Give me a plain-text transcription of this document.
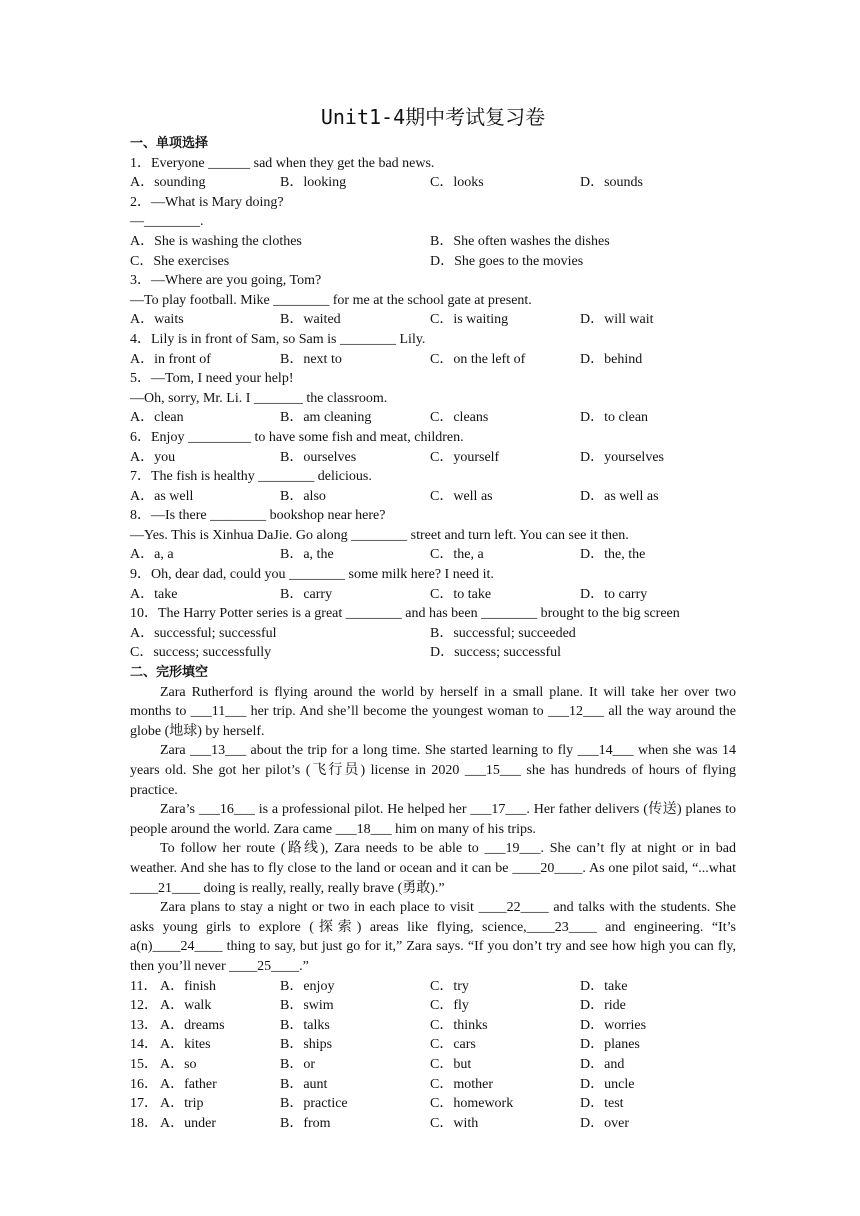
Unit1-4期中考试复习卷
一、单项选择
1．Everyone ______ sad when they get the bad news.
A．sounding	B．looking	C．looks	D．sounds
2．—What is Mary doing?
—________.
A．She is washing the clothes	B．She often washes the dishes
C．She exercises	D．She goes to the movies
3．—Where are you going, Tom?
—To play football. Mike ________ for me at the school gate at present.
A．waits	B．waited	C．is waiting	D．will wait
4．Lily is in front of Sam, so Sam is ________ Lily.
A．in front of	B．next to	C．on the left of	D．behind
5．—Tom, I need your help!
—Oh, sorry, Mr. Li. I _______ the classroom.
A．clean	B．am cleaning	C．cleans	D．to clean
6．Enjoy _________ to have some fish and meat, children.
A．you	B．ourselves	C．yourself	D．yourselves
7．The fish is healthy ________ delicious.
A．as well	B．also	C．well as	D．as well as
8．—Is there ________ bookshop near here?
—Yes. This is Xinhua DaJie. Go along ________ street and turn left. You can see it then.
A．a, a	B．a, the	C．the, a	D．the, the
9．Oh, dear dad, could you ________ some milk here? I need it.
A．take	B．carry	C．to take	D．to carry
10．The Harry Potter series is a great ________ and has been ________ brought to the big screen
A．successful; successful	B．successful; succeeded
C．success; successfully	D．success; successful
二、完形填空
Zara Rutherford is flying around the world by herself in a small plane. It will take her over two months to ___11___ her trip. And she’ll become the youngest woman to ___12___ all the way around the globe (地球) by herself.
Zara ___13___ about the trip for a long time. She started learning to fly ___14___ when she was 14 years old. She got her pilot’s (飞行员) license in 2020 ___15___ she has hundreds of hours of flying practice.
Zara’s ___16___ is a professional pilot. He helped her ___17___. Her father delivers (传送) planes to people around the world. Zara came ___18___ him on many of his trips.
To follow her route (路线), Zara needs to be able to ___19___. She can’t fly at night or in bad weather. And she has to fly close to the land or ocean and it can be ____20____. As one pilot said, “...what ____21____ doing is really, really, really brave (勇敢).”
Zara plans to stay a night or two in each place to visit ____22____ and talks with the students. She asks young girls to explore (探索) areas like flying, science,____23____ and engineering. “It’s a(n)____24____ thing to say, but just go for it,” Zara says. “If you don’t try and see how high you can fly, then you’ll never ____25____.”
11． A．finish	B．enjoy	C．try	D．take
12． A．walk	B．swim	C．fly	D．ride
13． A．dreams	B．talks	C．thinks	D．worries
14． A．kites	B．ships	C．cars	D．planes
15． A．so	B．or	C．but	D．and
16． A．father	B．aunt	C．mother	D．uncle
17． A．trip	B．practice	C．homework	D．test
18． A．under	B．from	C．with	D．over
